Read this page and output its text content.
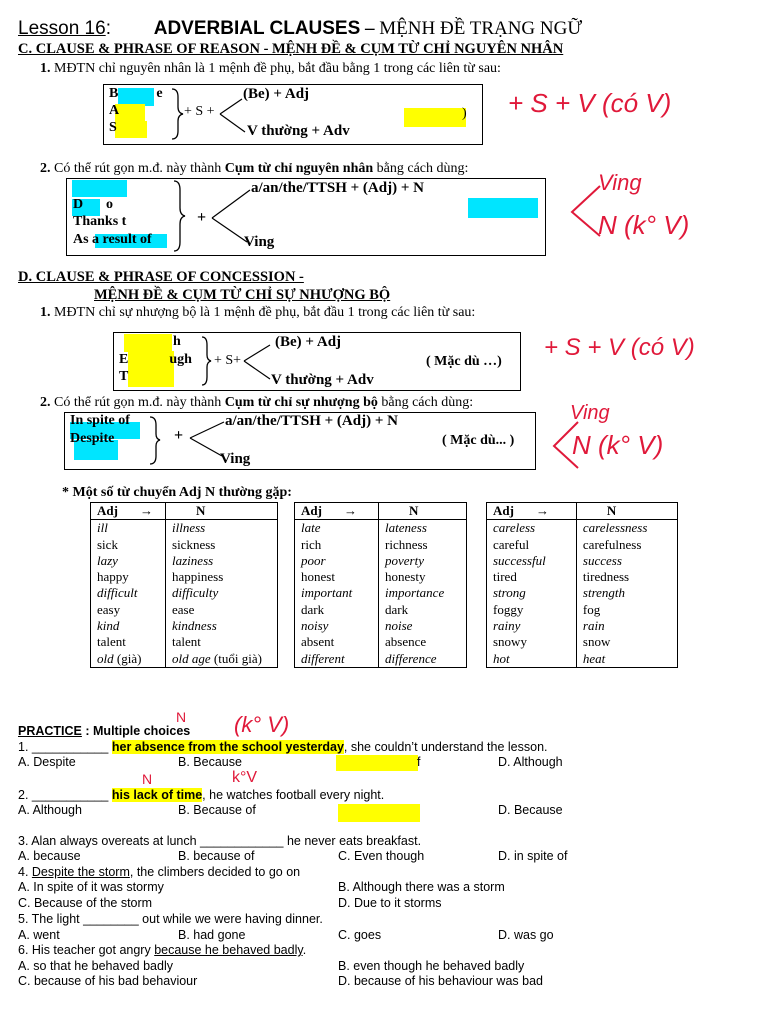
Lesson 16: ADVERBIAL CLAUSES – MỆNH ĐỀ TRẠNG NGỮ
C. CLAUSE & PHRASE OF REASON - MỆNH ĐỀ & CỤM TỪ CHỈ NGUYÊN NHÂN
1. MĐTN chỉ nguyên nhân là 1 mệnh đề phụ, bắt đầu bằng 1 trong các liên từ sau:
B	e
A
S
+ S +
(Be) + Adj
V thường + Adv
) + S + V (có V)
2. Có thể rút gọn m.đ. này thành Cụm từ chỉ nguyên nhân bằng cách dùng:
D o
Thanks t
As a result of
+
a/an/the/TTSH + (Adj) + N
Ving
Ving
N (k° V)
D. CLAUSE & PHRASE OF CONCESSION -
MỆNH ĐỀ & CỤM TỪ CHỈ SỰ NHƯỢNG BỘ
1. MĐTN chỉ sự nhượng bộ là 1 mệnh đề phụ, bắt đầu 1 trong các liên từ sau:
h
E	ugh
T
+ S+
(Be) + Adj
V thường + Adv
( Mặc dù …)
+ S + V (có V)
2. Có thể rút gọn m.đ. này thành Cụm từ chỉ sự nhượng bộ bằng cách dùng:
In spite of
Despite	+
a/an/the/TTSH + (Adj) + N
Ving
( Mặc dù... )
Ving
N (k° V)
* Một số từ chuyển Adj N thường gặp:
Adj →	N
ill	illness
sick	sickness
lazy	laziness
happy	happiness
difficult	difficulty
easy	ease
kind	kindness
talent	talent
old (già)	old age (tuổi già)
Adj →	N
late	lateness
rich	richness
poor	poverty
honest	honesty
important	importance
dark	dark
noisy	noise
absent	absence
different	difference
Adj →	N
careless	carelessness
careful	carefulness
successful	success
tired	tiredness
strong	strength
foggy	fog
rainy	rain
snowy	snow
hot	heat
N (k° V)
PRACTICE : Multiple choices
1. ___________ her absence from the school yesterday, she couldn’t understand the lesson.
A. Despite	B. Because	f	D. Although
N	k°V
2. ___________ his lack of time, he watches football every night.
A. Although	B. Because of	D. Because
3. Alan always overeats at lunch ____________ he never eats breakfast.
A. because	B. because of	C. Even though	D. in spite of
4. Despite the storm, the climbers decided to go on
A. In spite of it was stormy	B. Although there was a storm
C. Because of the storm	D. Due to it storms
5. The light ________ out while we were having dinner.
A. went	B. had gone	C. goes	D. was go
6. His teacher got angry because he behaved badly.
A. so that he behaved badly	B. even though he behaved badly
C. because of his bad behaviour	D. because of his behaviour was bad
